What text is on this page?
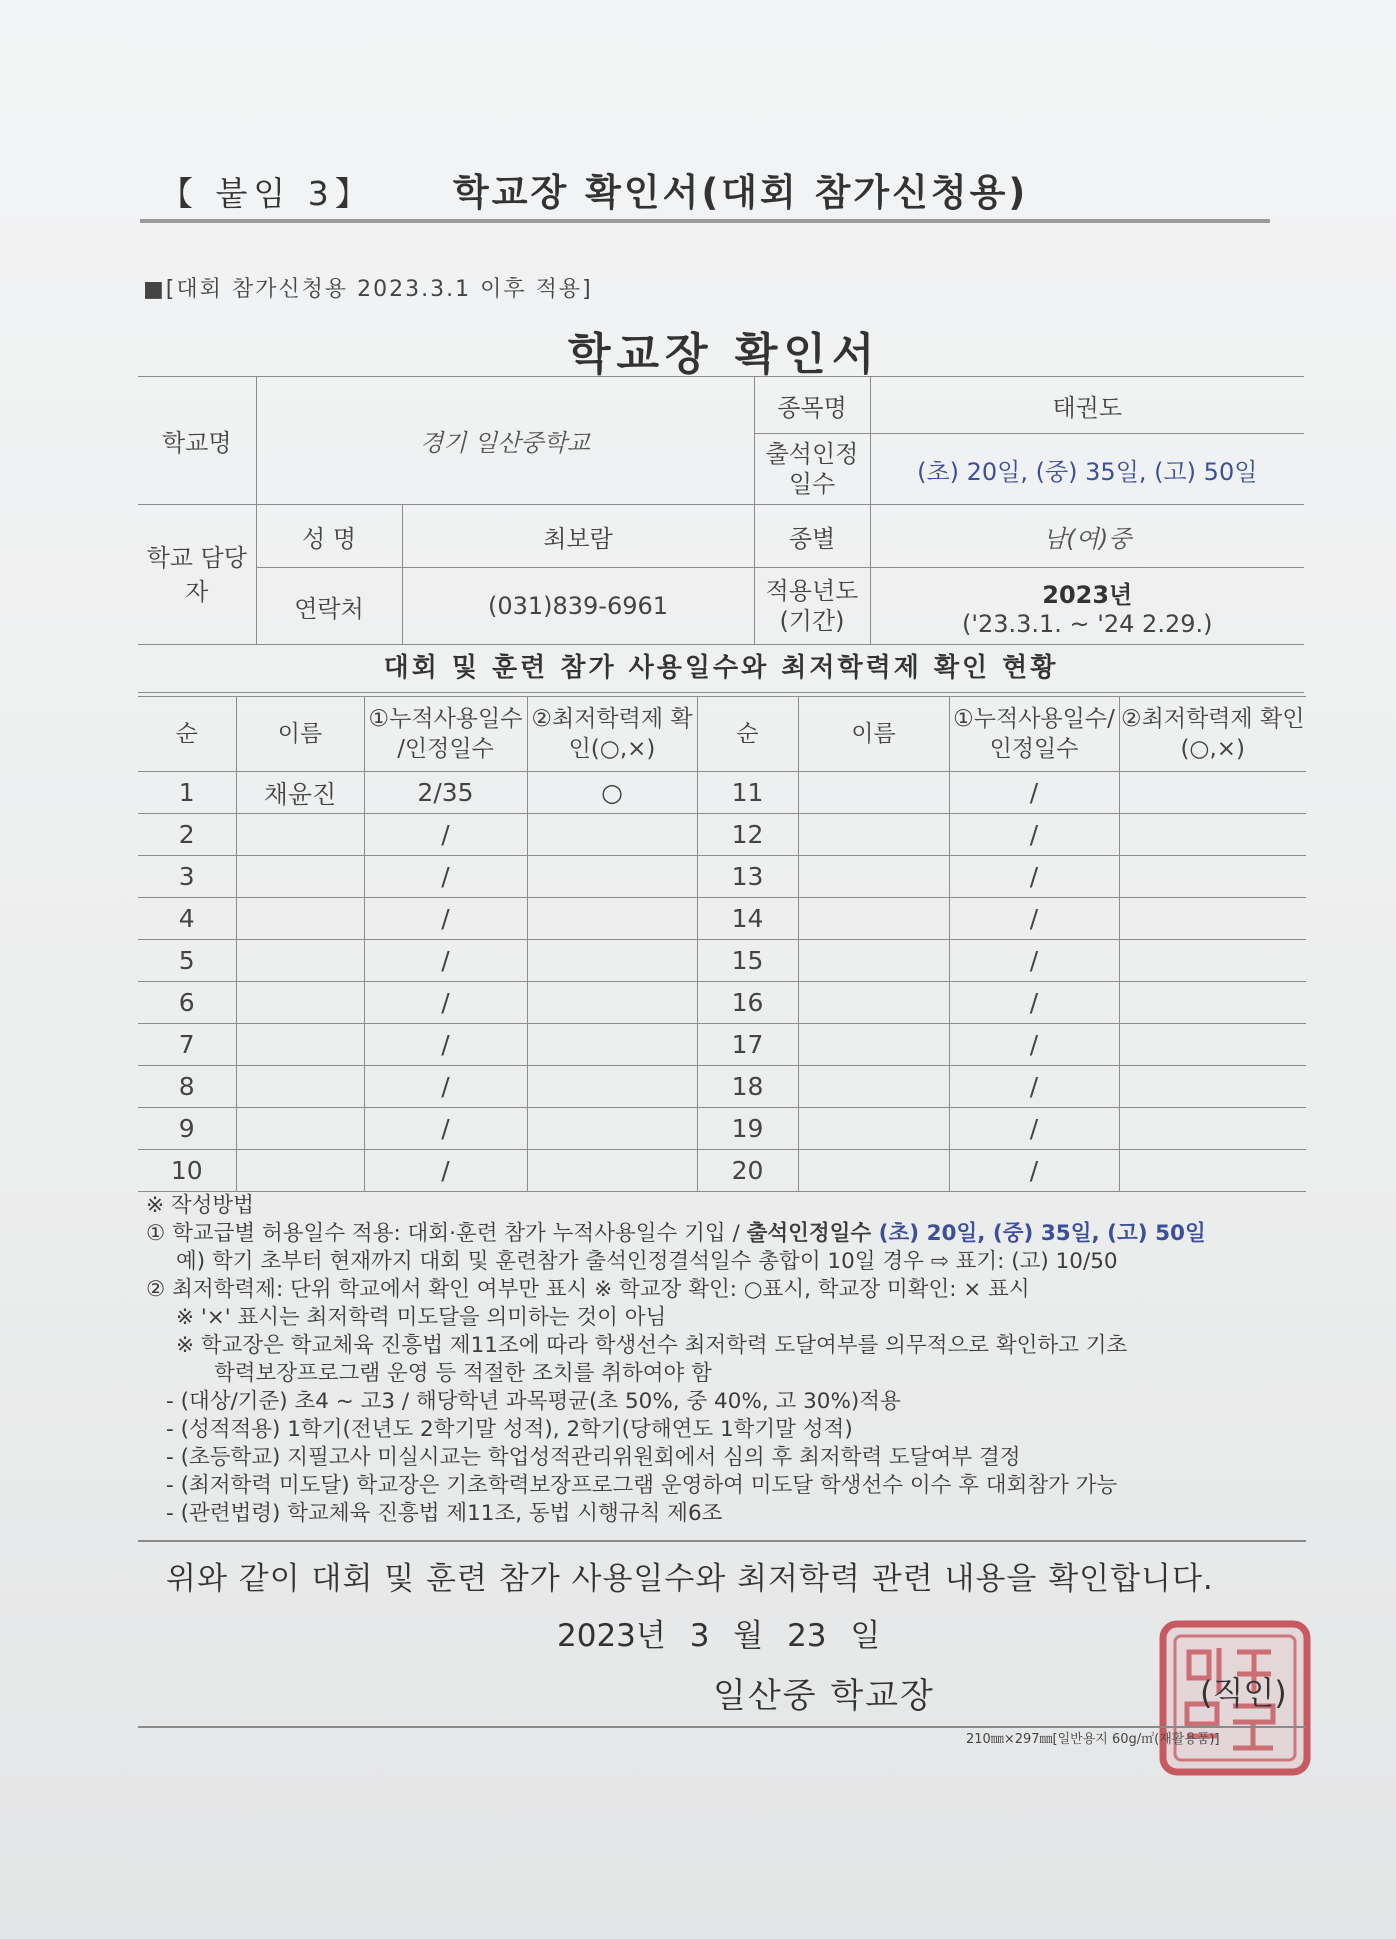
【 붙임 3】 학교장 확인서(대회 참가신청용)
■[대회 참가신청용 2023.3.1 이후 적용]
학교장 확인서
학교명	경기 일산중학교		종목명	태권도
			출석인정 일수	(초) 20일, (중) 35일, (고) 50일
학교 담당자	성 명	최보람	종별	남(여)중
	연락처	(031)839-6961	적용년도 (기간)	2023년
('23.3.1. ~ '24 2.29.)
대회 및 훈련 참가 사용일수와 최저학력제 확인 현황
순	이름	①누적사용일수 /인정일수	②최저학력제 확인(○,×)	순	이름	①누적사용일수/ 인정일수	②최저학력제 확인(○,×)
1	채윤진	2/35	○	11		/	
2		/		12		/	
3		/		13		/	
4		/		14		/	
5		/		15		/	
6		/		16		/	
7		/		17		/	
8		/		18		/	
9		/		19		/	
10		/		20		/	
※ 작성방법
① 학교급별 허용일수 적용: 대회·훈련 참가 누적사용일수 기입 / 출석인정일수 (초) 20일, (중) 35일, (고) 50일
예) 학기 초부터 현재까지 대회 및 훈련참가 출석인정결석일수 총합이 10일 경우 ⇨ 표기: (고) 10/50
② 최저학력제: 단위 학교에서 확인 여부만 표시 ※ 학교장 확인: ○표시, 학교장 미확인: × 표시
※ '×' 표시는 최저학력 미도달을 의미하는 것이 아님
※ 학교장은 학교체육 진흥법 제11조에 따라 학생선수 최저학력 도달여부를 의무적으로 확인하고 기초
학력보장프로그램 운영 등 적절한 조치를 취하여야 함
- (대상/기준) 초4 ~ 고3 / 해당학년 과목평균(초 50%, 중 40%, 고 30%)적용
- (성적적용) 1학기(전년도 2학기말 성적), 2학기(당해연도 1학기말 성적)
- (초등학교) 지필고사 미실시교는 학업성적관리위원회에서 심의 후 최저학력 도달여부 결정
- (최저학력 미도달) 학교장은 기초학력보장프로그램 운영하여 미도달 학생선수 이수 후 대회참가 가능
- (관련법령) 학교체육 진흥법 제11조, 동법 시행규칙 제6조
위와 같이 대회 및 훈련 참가 사용일수와 최저학력 관련 내용을 확인합니다.
2023년 3 월 23 일
일산중 학교장	(직인)
210㎜×297㎜[일반용지 60g/㎡(재활용품)]
